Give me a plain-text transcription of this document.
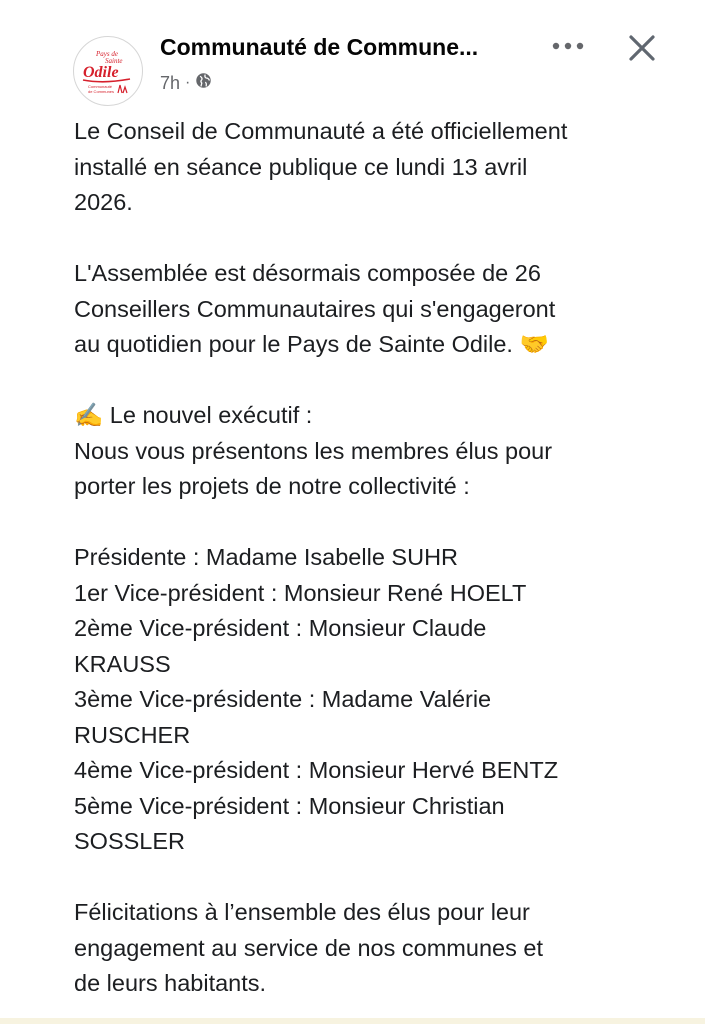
Pays de
Sainte
Odile
Communauté
de Communes
Communauté de Commune...
7h ·

Le Conseil de Communauté a été officiellement
installé en séance publique ce lundi 13 avril
2026.

L'Assemblée est désormais composée de 26
Conseillers Communautaires qui s'engageront
au quotidien pour le Pays de Sainte Odile. 🤝

✍️ Le nouvel exécutif :
Nous vous présentons les membres élus pour
porter les projets de notre collectivité :

Présidente : Madame Isabelle SUHR
1er Vice-président : Monsieur René HOELT
2ème Vice-président : Monsieur Claude
KRAUSS
3ème Vice-présidente : Madame Valérie
RUSCHER
4ème Vice-président : Monsieur Hervé BENTZ
5ème Vice-président : Monsieur Christian
SOSSLER

Félicitations à l’ensemble des élus pour leur
engagement au service de nos communes et
de leurs habitants.
